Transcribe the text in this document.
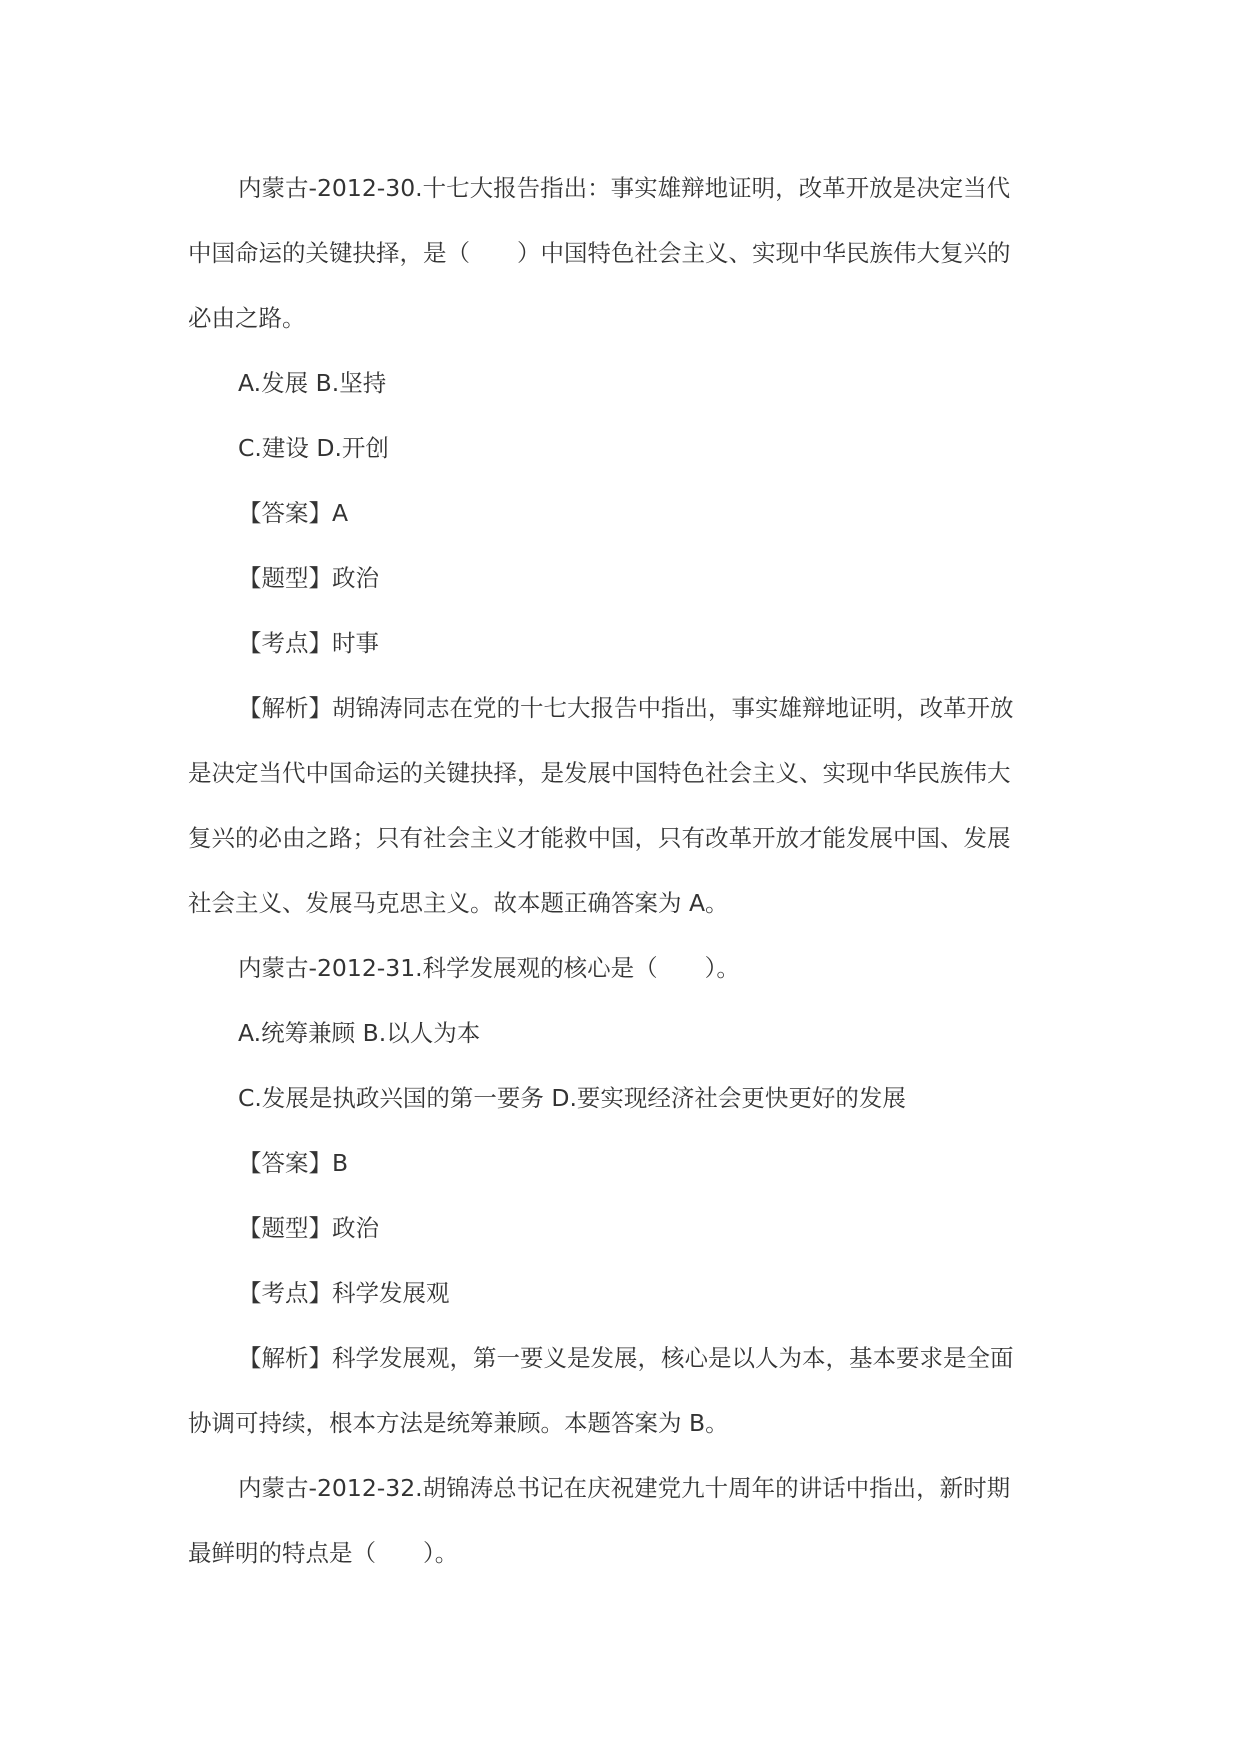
内蒙古-2012-30.十七大报告指出：事实雄辩地证明，改革开放是决定当代
中国命运的关键抉择，是（　　）中国特色社会主义、实现中华民族伟大复兴的
必由之路。
A.发展 B.坚持
C.建设 D.开创
【答案】A
【题型】政治
【考点】时事
【解析】胡锦涛同志在党的十七大报告中指出，事实雄辩地证明，改革开放
是决定当代中国命运的关键抉择，是发展中国特色社会主义、实现中华民族伟大
复兴的必由之路；只有社会主义才能救中国，只有改革开放才能发展中国、发展
社会主义、发展马克思主义。故本题正确答案为 A。
内蒙古-2012-31.科学发展观的核心是（　　）。
A.统筹兼顾 B.以人为本
C.发展是执政兴国的第一要务 D.要实现经济社会更快更好的发展
【答案】B
【题型】政治
【考点】科学发展观
【解析】科学发展观，第一要义是发展，核心是以人为本，基本要求是全面
协调可持续，根本方法是统筹兼顾。本题答案为 B。
内蒙古-2012-32.胡锦涛总书记在庆祝建党九十周年的讲话中指出，新时期
最鲜明的特点是（　　）。
